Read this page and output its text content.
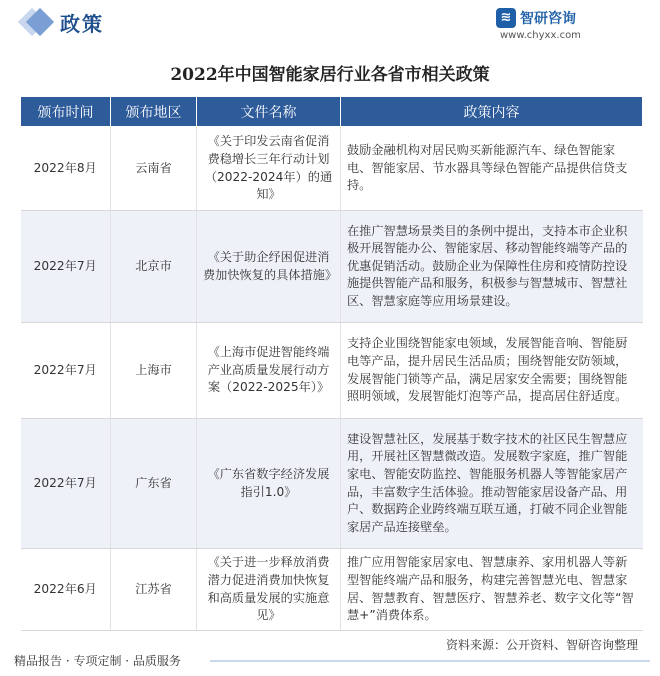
政策	≋ 智研咨询
www.chyxx.com
2022年中国智能家居行业各省市相关政策
颁布时间	颁布地区	文件名称	政策内容
2022年8月	云南省	《关于印发云南省促消费稳增长三年行动计划（2022-2024年）的通知》	鼓励金融机构对居民购买新能源汽车、绿色智能家电、智能家居、节水器具等绿色智能产品提供信贷支持。
2022年7月	北京市	《关于助企纾困促进消费加快恢复的具体措施》	在推广智慧场景类目的条例中提出，支持本市企业积极开展智能办公、智能家居、移动智能终端等产品的优惠促销活动。鼓励企业为保障性住房和疫情防控设施提供智能产品和服务，积极参与智慧城市、智慧社区、智慧家庭等应用场景建设。
2022年7月	上海市	《上海市促进智能终端产业高质量发展行动方案（2022-2025年）》	支持企业围绕智能家电领域，发展智能音响、智能厨电等产品，提升居民生活品质；围绕智能安防领域，发展智能门锁等产品，满足居家安全需要；围绕智能照明领域，发展智能灯泡等产品，提高居住舒适度。
2022年7月	广东省	《广东省数字经济发展指引1.0》	建设智慧社区，发展基于数字技术的社区民生智慧应用，开展社区智慧微改造。发展数字家庭，推广智能家电、智能安防监控、智能服务机器人等智能家居产品，丰富数字生活体验。推动智能家居设备产品、用户、数据跨企业跨终端互联互通，打破不同企业智能家居产品连接壁垒。
2022年6月	江苏省	《关于进一步释放消费潜力促进消费加快恢复和高质量发展的实施意见》	推广应用智能家居家电、智慧康养、家用机器人等新型智能终端产品和服务，构建完善智慧光电、智慧家居、智慧教育、智慧医疗、智慧养老、数字文化等“智慧+”消费体系。
资料来源：公开资料、智研咨询整理
精品报告 · 专项定制 · 品质服务
